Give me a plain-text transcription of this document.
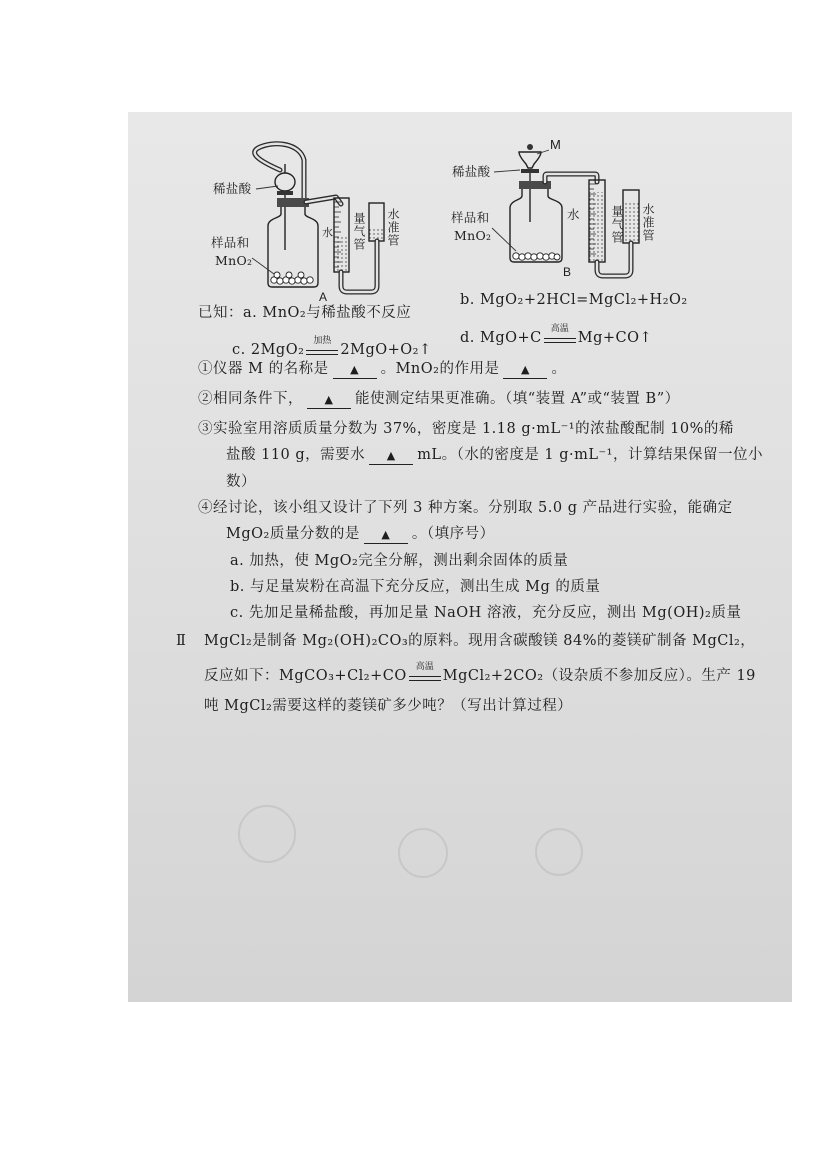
稀盐酸
样品和
MnO₂
水 量气管 水准管
A
M
稀盐酸
样品和
MnO₂
水	量气管 水准管
B
已知：a. MnO₂与稀盐酸不反应
b. MgO₂+2HCl=MgCl₂+H₂O₂
c. 2MgO₂
加热
2MgO+O₂↑
d. MgO+C
高温
Mg+CO↑
①仪器 M 的名称是 ▲ 。MnO₂的作用是 ▲ 。
②相同条件下， ▲ 能使测定结果更准确。（填“装置 A”或“装置 B”）
③实验室用溶质质量分数为 37%，密度是 1.18 g·mL⁻¹的浓盐酸配制 10%的稀
盐酸 110 g，需要水 ▲ mL。（水的密度是 1 g·mL⁻¹，计算结果保留一位小
数）
④经讨论，该小组又设计了下列 3 种方案。分别取 5.0 g 产品进行实验，能确定
MgO₂质量分数的是 ▲ 。（填序号）
a. 加热，使 MgO₂完全分解，测出剩余固体的质量
b. 与足量炭粉在高温下充分反应，测出生成 Mg 的质量
c. 先加足量稀盐酸，再加足量 NaOH 溶液，充分反应，测出 Mg(OH)₂质量
Ⅱ MgCl₂是制备 Mg₂(OH)₂CO₃的原料。现用含碳酸镁 84%的菱镁矿制备 MgCl₂，
反应如下：MgCO₃+Cl₂+CO
高温
MgCl₂+2CO₂（设杂质不参加反应）。生产 19
吨 MgCl₂需要这样的菱镁矿多少吨？（写出计算过程）
